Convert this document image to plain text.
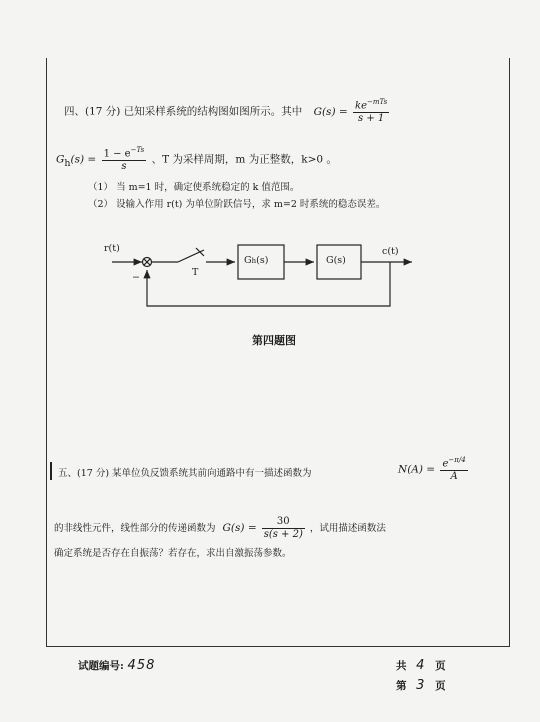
四、(17 分) 已知采样系统的结构图如图所示。其中 $G(s) = \frac{ke^{-mTs}}{s + 1}$
$Gh(s) = \frac{1 - e^{-Ts}}{s}$ 、T 为采样周期，m 为正整数，k>0 。
（1） 当 m=1 时，确定使系统稳定的 k 值范围。
（2） 设输入作用 r(t) 为单位阶跃信号，求 m=2 时系统的稳态误差。
r(t)
−	T
Gh(s)	G(s)
c(t)
第四题图
五、(17 分) 某单位负反馈系统其前向通路中有一描述函数为	$N(A) = \frac{e^{-\pi/4}}{A}$
的非线性元件，线性部分的传递函数为 $G(s) = \frac{30}{s(s + 2)}$ ，试用描述函数法
确定系统是否存在自振荡？若存在，求出自激振荡参数。
试题编号: 458	共 4 页
第 3 页
